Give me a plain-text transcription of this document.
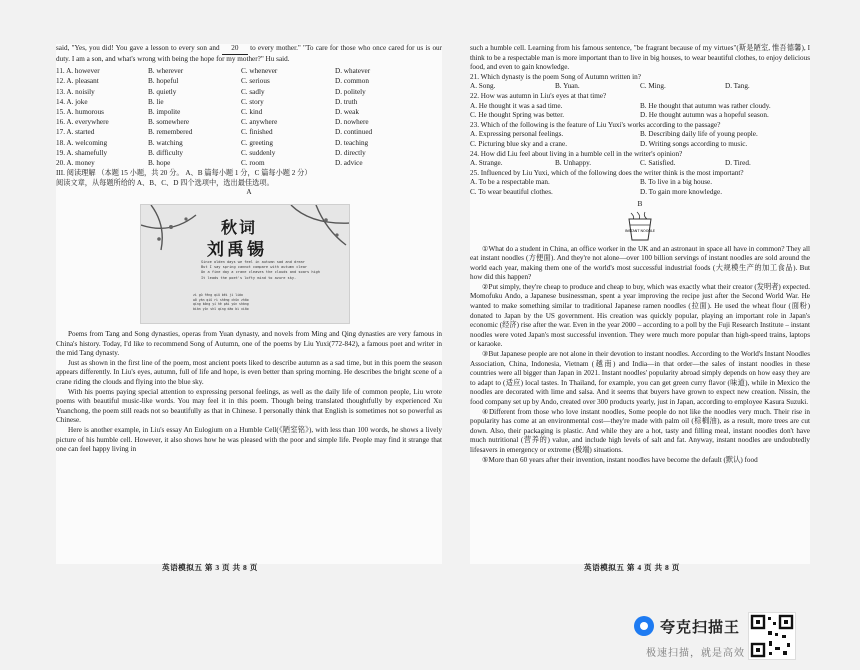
said, "Yes, you did! You gave a lesson to every son and 20 to every mother." "To care for those who once cared for us is our duty. I am a son, and what's wrong with being the hope for my mother?" Hu said.

11. A. however	B. wherever	C. whenever	D. whatever
12. A. pleasant	B. hopeful	C. serious	D. common
13. A. noisily	B. quietly	C. sadly	D. politely
14. A. joke	B. lie	C. story	D. truth
15. A. humorous	B. impolite	C. kind	D. weak
16. A. everywhere	B. somewhere	C. anywhere	D. nowhere
17. A. started	B. remembered	C. finished	D. continued
18. A. welcoming	B. watching	C. greeting	D. teaching
19. A. shamefully	B. difficulty	C. suddenly	D. directly
20. A. money	B. hope	C. room	D. advice

III. 阅读理解 （本题 15 小题，共 20 分。 A、B 篇每小题 1 分，C 篇每小题 2 分）

阅读文章，从每题所给的 A、B、C、D 四个选项中，选出最佳选项。

A

秋词
刘禹锡
Since olden days we feel in autumn sad and drear
But I say spring cannot compare with autumn clear
On a fine day a crane cleaves the clouds and soars high
It leads the poet's lofty mind to azure sky.
zì gǔ féng qiū bēi jì liáo
wǒ yán qiū rì shèng chūn zhāo
qíng kōng yí hè pái yún shàng
biàn yǐn shī qíng dào bì xiāo

Poems from Tang and Song dynasties, operas from Yuan dynasty, and novels from Ming and Qing dynasties are very famous in China's history. Today, I'd like to recommend Song of Autumn, one of the poems by Liu Yuxi(772-842), a famous poet and writer in the mid Tang dynasty.

Just as shown in the first line of the poem, most ancient poets liked to describe autumn as a sad time, but in this poem the season appears differently. In Liu's eyes, autumn, full of life and hope, is even better than spring morning. He describes the bright scene of a crane riding the clouds and flying into the blue sky.

With his poems paying special attention to expressing personal feelings, as well as the daily life of common people, Liu wrote poems with beautiful music-like words. You may feel it in this poem. Though being translated thoughtfully by experienced Xu Yuanchong, the poem still reads not so beautifully as that in Chinese. I personally think that English is sometimes not so powerful as Chinese.

Here is another example, in Liu's essay An Eulogium on a Humble Cell(《陋室铭》), with less than 100 words, he shows a lively picture of his humble cell. However, it also shows how he was pleased with the poor and simple life. People may find it strange that one can feel happy living in

英语模拟五 第 3 页 共 8 页

such a humble cell. Learning from his famous sentence, "be fragrant because of my virtues"(斯是陋室, 惟吾德馨), I think to be a respectable man is more important than to live in big houses, to wear beautiful clothes, to enjoy delicious food, and even to gain knowledge.

21. Which dynasty is the poem Song of Autumn written in?

A. Song.	B. Yuan.	C. Ming.	D. Tang.

22. How was autumn in Liu's eyes at that time?

A. He thought it was a sad time.	B. He thought that autumn was rather cloudy.
C. He thought Spring was better.	D. He thought autumn was a hopeful season.

23. Which of the following is the feature of Liu Yuxi's works according to the passage?

A. Expressing personal feelings.	B. Describing daily life of young people.
C. Picturing blue sky and a crane.	D. Writing songs according to music.

24. How did Liu feel about living in a humble cell in the writer's opinion?

A. Strange.	B. Unhappy.	C. Satisfied.	D. Tired.

25. Influenced by Liu Yuxi, which of the following does the writer think is the most important?

A. To be a respectable man.	B. To live in a big house.
C. To wear beautiful clothes.	D. To gain more knowledge.
B
INSTANT NOODLE

①What do a student in China, an office worker in the UK and an astronaut in space all have in common? They all eat instant noodles (方便面). And they're not alone—over 100 billion servings of instant noodles are sold around the world each year, making them one of the world's most successful industrial foods (大规模生产的加工食品). But how did this happen?

②Put simply, they're cheap to produce and cheap to buy, which was exactly what their creator (发明者) expected. Momofuku Ando, a Japanese businessman, spent a year improving the recipe just after the Second World War. He wanted to make something similar to traditional Japanese ramen noodles (拉面). He used the wheat flour (面粉) donated to Japan by the US government. His creation was quickly popular, playing an important role in Japan's economic (经济) rise after the war. Even in the year 2000 – according to a poll by the Fuji Research Institute – instant noodles were voted Japan's most successful invention. They were much more popular than high-speed trains, laptops or karaoke.

③But Japanese people are not alone in their devotion to instant noodles. According to the World's Instant Noodles Association, China, Indonesia, Vietnam (越南) and India—in that order—the sales of instant noodles in these countries were all bigger than Japan in 2021. Instant noodles' popularity abroad simply depends on how easy they are to adapt to (适应) local tastes. In Thailand, for example, you can get green curry flavor (味道), while in Mexico the noodles are decorated with lime and salsa. And it seems that buyers have grown to expect new creation. Nissin, the food company set up by Ando, created over 300 products yearly, just in Japan, according to employee Kasura Suzuki.

④Different from those who love instant noodles, Some people do not like the noodles very much. Their rise in popularity has come at an environmental cost—they're made with palm oil (棕榈油), as a result, more trees are cut down. Also, their packaging is plastic. And while they are a hot, tasty and filling meal, instant noodles don't have much nutritional (营养的) value, and include high levels of salt and fat. Anyway, instant noodles are undoubtedly lifesavers in emergency or extreme (极端) situations.

⑤More than 60 years after their invention, instant noodles have become the default (默认) food

英语模拟五 第 4 页 共 8 页
夸克扫描王
极速扫描，就是高效
